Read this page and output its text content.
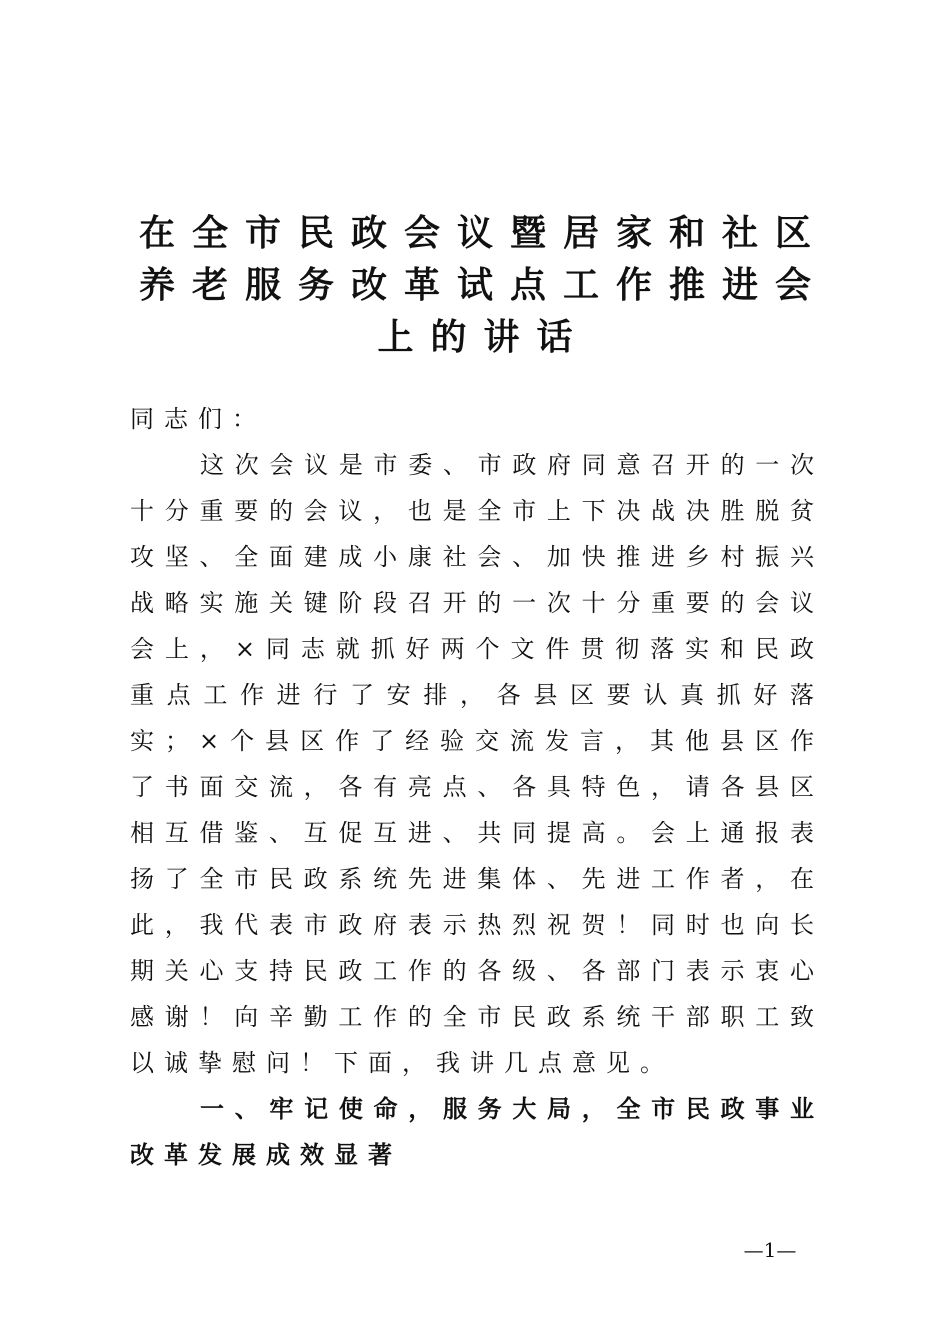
在全市民政会议暨居家和社区
养老服务改革试点工作推进会
上的讲话
同志们：

这次会议是市委、市政府同意召开的一次十分重要的会议，也是全市上下决战决胜脱贫攻坚、全面建成小康社会、加快推进乡村振兴战略实施关键阶段召开的一次十分重要的会议会上，×同志就抓好两个文件贯彻落实和民政重点工作进行了安排，各县区要认真抓好落实；×个县区作了经验交流发言，其他县区作了书面交流，各有亮点、各具特色，请各县区相互借鉴、互促互进、共同提高。会上通报表扬了全市民政系统先进集体、先进工作者，在此，我代表市政府表示热烈祝贺！同时也向长期关心支持民政工作的各级、各部门表示衷心感谢！向辛勤工作的全市民政系统干部职工致以诚挚慰问！下面，我讲几点意见。

一、牢记使命，服务大局，全市民政事业改革发展成效显著

—1—
